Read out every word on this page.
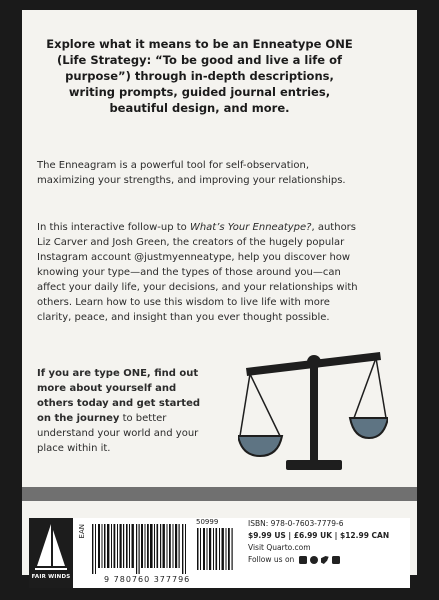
Explore what it means to be an Enneatype ONE (Life Strategy: “To be good and live a life of purpose”) through in-depth descriptions, writing prompts, guided journal entries, beautiful design, and more.
The Enneagram is a powerful tool for self-observation, maximizing your strengths, and improving your relationships.
In this interactive follow-up to What’s Your Enneatype?, authors Liz Carver and Josh Green, the creators of the hugely popular Instagram account @justmyenneatype, help you discover how knowing your type—and the types of those around you—can affect your daily life, your decisions, and your relationships with others. Learn how to use this wisdom to live life with more clarity, peace, and insight than you ever thought possible.
If you are type ONE, find out more about yourself and others today and get started on the journey to better understand your world and your place within it.
FAIR WINDS
EAN
9 780760 377796
50999	ISBN: 978-0-7603-7779-6
$9.99 US | £6.99 UK | $12.99 CAN
Visit Quarto.com
Follow us on
